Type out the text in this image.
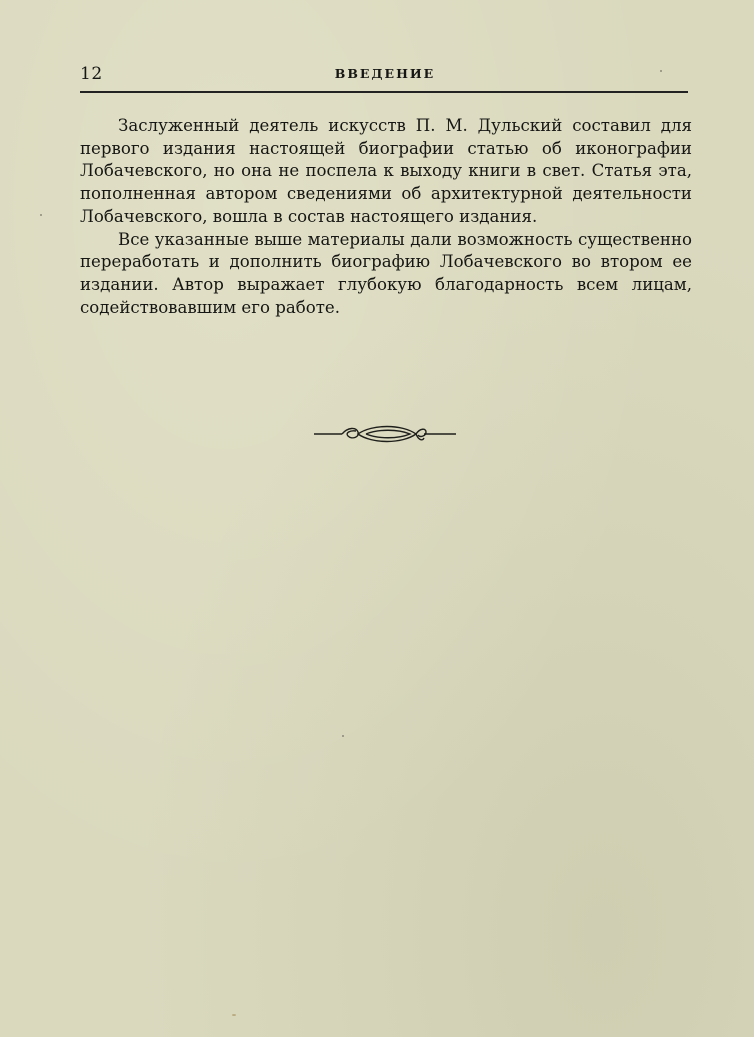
12	ВВЕДЕНИЕ

Заслуженный деятель искусств П. М. Дульский составил для первого издания настоящей биографии статью об иконографии Лобачевского, но она не поспела к выходу книги в свет. Статья эта, пополненная автором сведениями об архитектурной деятельности Лобачевского, вошла в состав настоящего издания.

Все указанные выше материалы дали возможность существенно переработать и дополнить биографию Лобачевского во втором ее издании. Автор выражает глубокую благодарность всем лицам, содействовавшим его работе.
